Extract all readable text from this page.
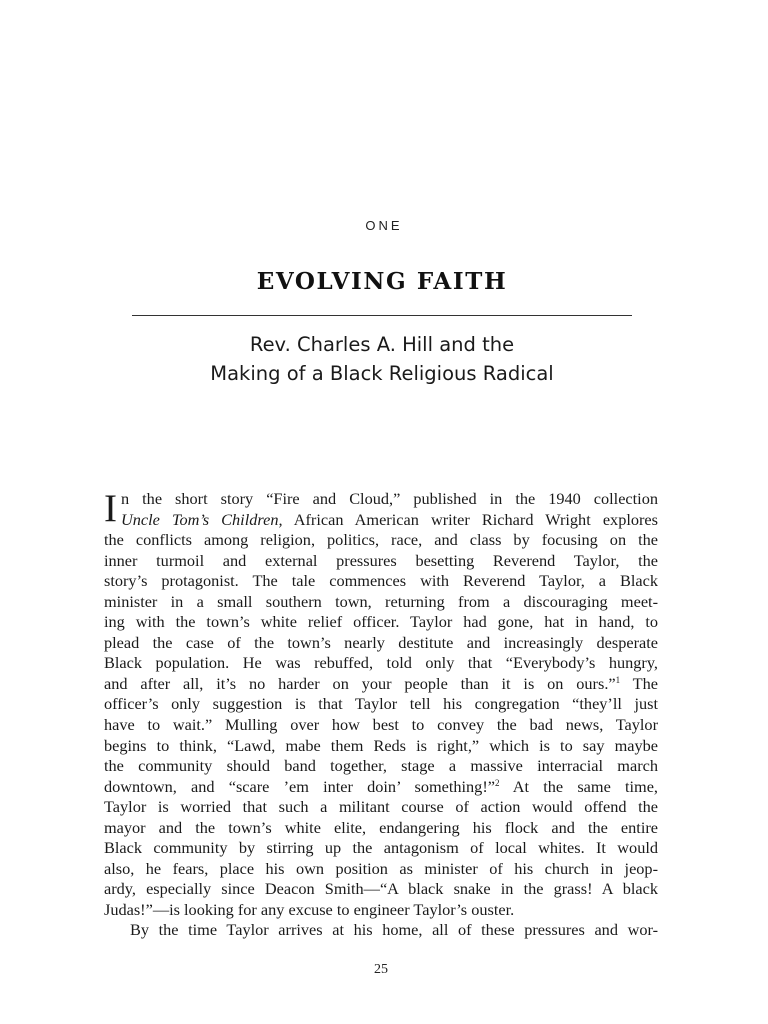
ONE
EVOLVING FAITH
Rev. Charles A. Hill and the
Making of a Black Religious Radical
I n the short story “Fire and Cloud,” published in the 1940 collection
Uncle Tom’s Children, African American writer Richard Wright explores
the conflicts among religion, politics, race, and class by focusing on the
inner turmoil and external pressures besetting Reverend Taylor, the
story’s protagonist. The tale commences with Reverend Taylor, a Black
minister in a small southern town, returning from a discouraging meet-
ing with the town’s white relief officer. Taylor had gone, hat in hand, to
plead the case of the town’s nearly destitute and increasingly desperate
Black population. He was rebuffed, told only that “Everybody’s hungry,
and after all, it’s no harder on your people than it is on ours.”$^1$ The
officer’s only suggestion is that Taylor tell his congregation “they’ll just
have to wait.” Mulling over how best to convey the bad news, Taylor
begins to think, “Lawd, mabe them Reds is right,” which is to say maybe
the community should band together, stage a massive interracial march
downtown, and “scare ’em inter doin’ something!”$^2$ At the same time,
Taylor is worried that such a militant course of action would offend the
mayor and the town’s white elite, endangering his flock and the entire
Black community by stirring up the antagonism of local whites. It would
also, he fears, place his own position as minister of his church in jeop-
ardy, especially since Deacon Smith—“A black snake in the grass! A black
Judas!”—is looking for any excuse to engineer Taylor’s ouster.
By the time Taylor arrives at his home, all of these pressures and wor-
25
